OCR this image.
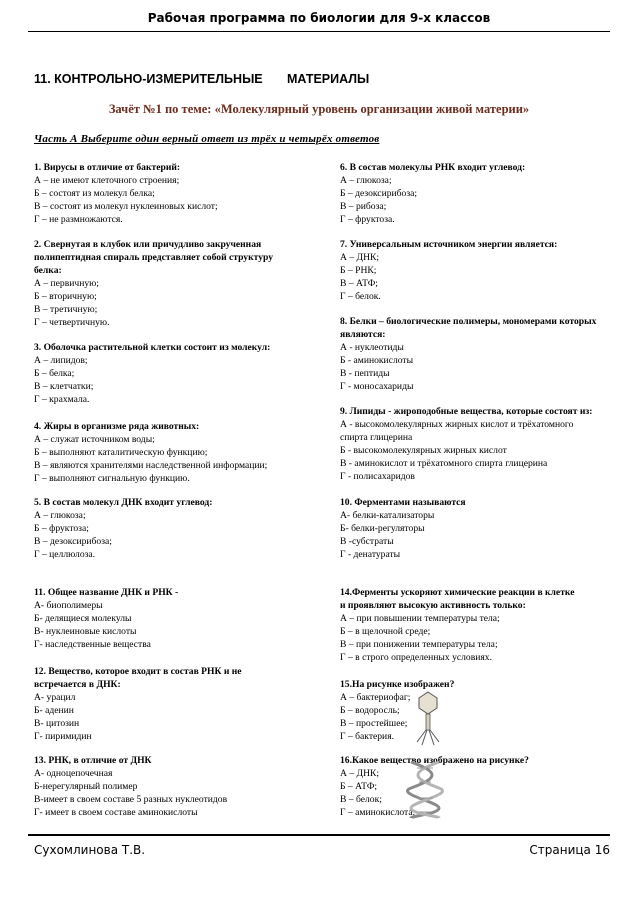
Рабочая программа по биологии для 9-х классов
11. КОНТРОЛЬНО-ИЗМЕРИТЕЛЬНЫЕ МАТЕРИАЛЫ
Зачёт №1 по теме: «Молекулярный уровень организации живой материи»
Часть А Выберите один верный ответ из трёх и четырёх ответов
1. Вирусы в отличие от бактерий:
А – не имеют клеточного строения;
Б – состоят из молекул белка;
В – состоят из молекул нуклеиновых кислот;
Г – не размножаются.
2. Свернутая в клубок или причудливо закрученная
полипептидная спираль представляет собой структуру
белка:
А – первичную;
Б – вторичную;
В – третичную;
Г – четвертичную.
3. Оболочка растительной клетки состоит из молекул:
А – липидов;
Б – белка;
В – клетчатки;
Г – крахмала.
4. Жиры в организме ряда животных:
А – служат источником воды;
Б – выполняют каталитическую функцию;
В – являются хранителями наследственной информации;
Г – выполняют сигнальную функцию.
5. В состав молекул ДНК входит углевод:
А – глюкоза;
Б – фруктоза;
В – дезоксирибоза;
Г – целлюлоза.
11. Общее название ДНК и РНК -
А- биополимеры
Б- делящиеся молекулы
В- нуклеиновые кислоты
Г- наследственные вещества
12. Вещество, которое входит в состав РНК и не
встречается в ДНК:
А- урацил
Б- аденин
В- цитозин
Г- пиримидин
13. РНК, в отличие от ДНК
А- одноцепочечная
Б-нерегулярный полимер
В-имеет в своем составе 5 разных нуклеотидов
Г- имеет в своем составе аминокислоты
6. В состав молекулы РНК входит углевод:
А – глюкоза;
Б – дезоксирибоза;
В – рибоза;
Г – фруктоза.
7. Универсальным источником энергии является:
А – ДНК;
Б – РНК;
В – АТФ;
Г – белок.
8. Белки – биологические полимеры, мономерами которых
являются:
А - нуклеотиды
Б - аминокислоты
В - пептиды
Г - моносахариды
9. Липиды - жироподобные вещества, которые состоят из:
А - высокомолекулярных жирных кислот и трёхатомного
спирта глицерина
Б - высокомолекулярных жирных кислот
В - аминокислот и трёхатомного спирта глицерина
Г - полисахаридов
10. Ферментами называются
А- белки-катализаторы
Б- белки-регуляторы
В -субстраты
Г - денатураты
14.Ферменты ускоряют химические реакции в клетке
и проявляют высокую активность только:
А – при повышении температуры тела;
Б – в щелочной среде;
В – при понижении температуры тела;
Г – в строго определенных условиях.
15.На рисунке изображен?
А – бактериофаг;
Б – водоросль;
В – простейшее;
Г – бактерия.
16.Какое вещество изображено на рисунке?
А – ДНК;
Б – АТФ;
В – белок;
Г – аминокислота.
Сухомлинова Т.В.	Страница 16
